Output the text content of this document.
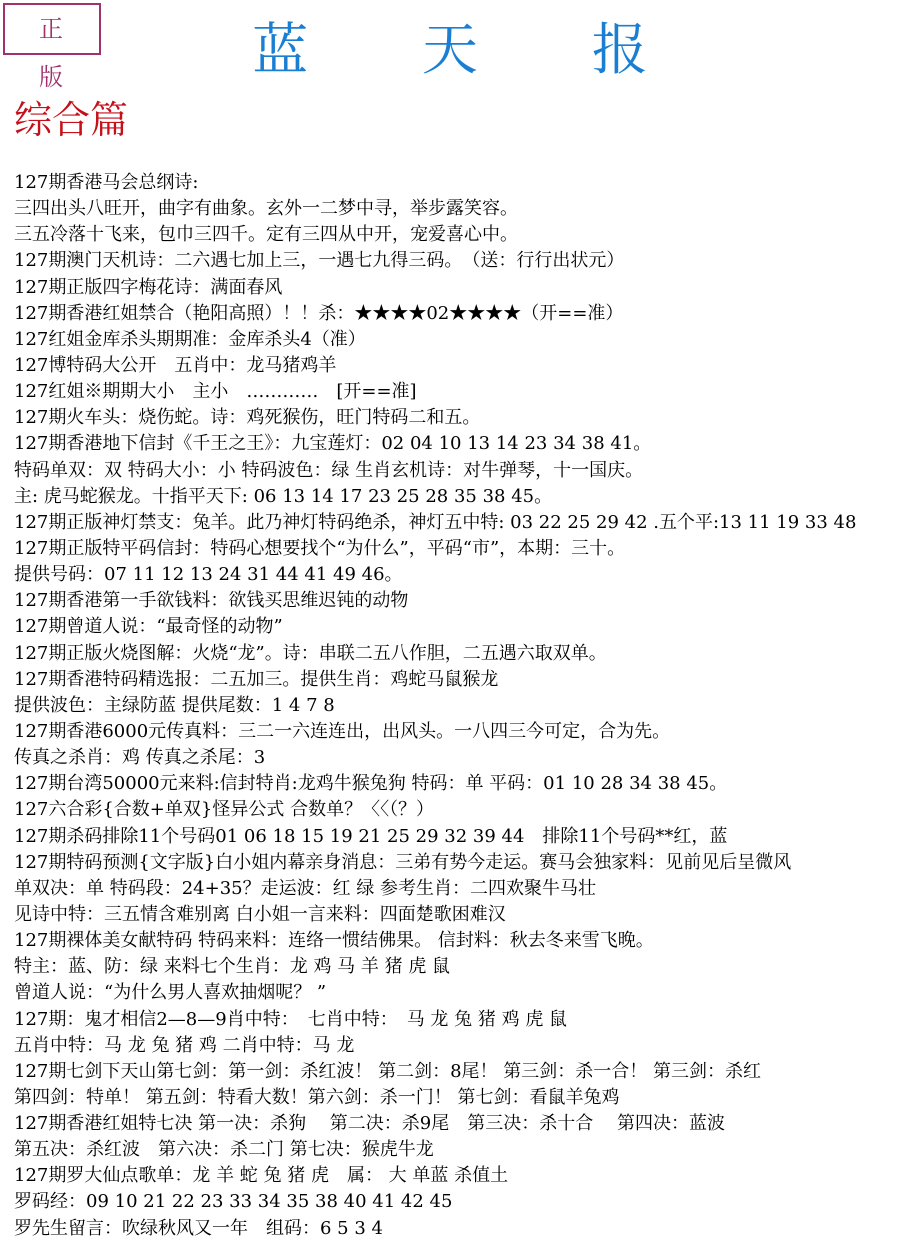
正 版	蓝 天 报
综合篇
127期香港马会总纲诗:
三四出头八旺开，曲字有曲象。玄外一二梦中寻，举步露笑容。
三五冷落十飞来，包巾三四千。定有三四从中开，宠爱喜心中。
127期澳门天机诗：二六遇七加上三，一遇七九得三码。　（送：行行出状元）
127期正版四字梅花诗：满面春风
127期香港红姐禁合（艳阳高照）！！杀：★★★★02★★★★（开==准）
127红姐金库杀头期期准：金库杀头4（准）
127博特码大公开　五肖中：龙马猪鸡羊
127红姐※期期大小　主小　…………　[开==准]
127期火车头：烧伤蛇。诗：鸡死猴伤，旺门特码二和五。
127期香港地下信封《千王之王》：九宝莲灯：02 04 10 13 14 23 34 38 41。
特码单双：双 特码大小：小 特码波色：绿 生肖玄机诗：对牛弹琴，十一国庆。
主: 虎马蛇猴龙。十指平天下: 06 13 14 17 23 25 28 35 38 45。
127期正版神灯禁支：兔羊。此乃神灯特码绝杀，神灯五中特: 03 22 25 29 42 .五个平:13 11 19 33 48
127期正版特平码信封：特码心想要找个“为什么”，平码“市”，本期：三十。
提供号码：07 11 12 13 24 31 44 41 49 46。
127期香港第一手欲钱料：欲钱买思维迟钝的动物
127期曾道人说：“最奇怪的动物”
127期正版火烧图解：火烧“龙”。诗：串联二五八作胆，二五遇六取双单。
127期香港特码精选报：二五加三。提供生肖：鸡蛇马鼠猴龙
提供波色：主绿防蓝 提供尾数：1 4 7 8
127期香港6000元传真料：三二一六连连出，出风头。一八四三今可定，合为先。
传真之杀肖：鸡 传真之杀尾：3
127期台湾50000元来料:信封特肖:龙鸡牛猴兔狗 特码：单 平码：01 10 28 34 38 45。
127六合彩{合数+单双}怪异公式 合数单？〈〈（？）
127期杀码排除11个号码01 06 18 15 19 21 25 29 32 39 44　排除11个号码**红，蓝
127期特码预测{文字版}白小姐内幕亲身消息：三弟有势今走运。赛马会独家料：见前见后呈微风
单双决：单 特码段：24+35？走运波：红 绿 参考生肖：二四欢聚牛马壮
见诗中特：三五情含难别离 白小姐一言来料：四面楚歌困难汉
127期裸体美女献特码 特码来料：连络一惯结佛果。 信封料：秋去冬来雪飞晚。
特主：蓝、防：绿 来料七个生肖：龙 鸡 马 羊 猪 虎 鼠
曾道人说：“为什么男人喜欢抽烟呢？ ”
127期：鬼才相信2—8—9肖中特：　七肖中特：　马 龙 兔 猪 鸡 虎 鼠
五肖中特：马 龙 兔 猪 鸡 二肖中特：马 龙
127期七剑下天山第七剑：第一剑：杀红波！ 第二剑：8尾！ 第三剑：杀一合！ 第三剑：杀红
第四剑：特单！ 第五剑：特看大数！第六剑：杀一门！ 第七剑：看鼠羊兔鸡
127期香港红姐特七决 第一决：杀狗　 第二决：杀9尾　第三决：杀十合　 第四决：蓝波
第五决：杀红波　第六决：杀二门 第七决：猴虎牛龙
127期罗大仙点歌单：龙 羊 蛇 兔 猪 虎　属： 大 单蓝 杀值土
罗码经：09 10 21 22 23 33 34 35 38 40 41 42 45
罗先生留言：吹绿秋风又一年　组码：6 5 3 4
